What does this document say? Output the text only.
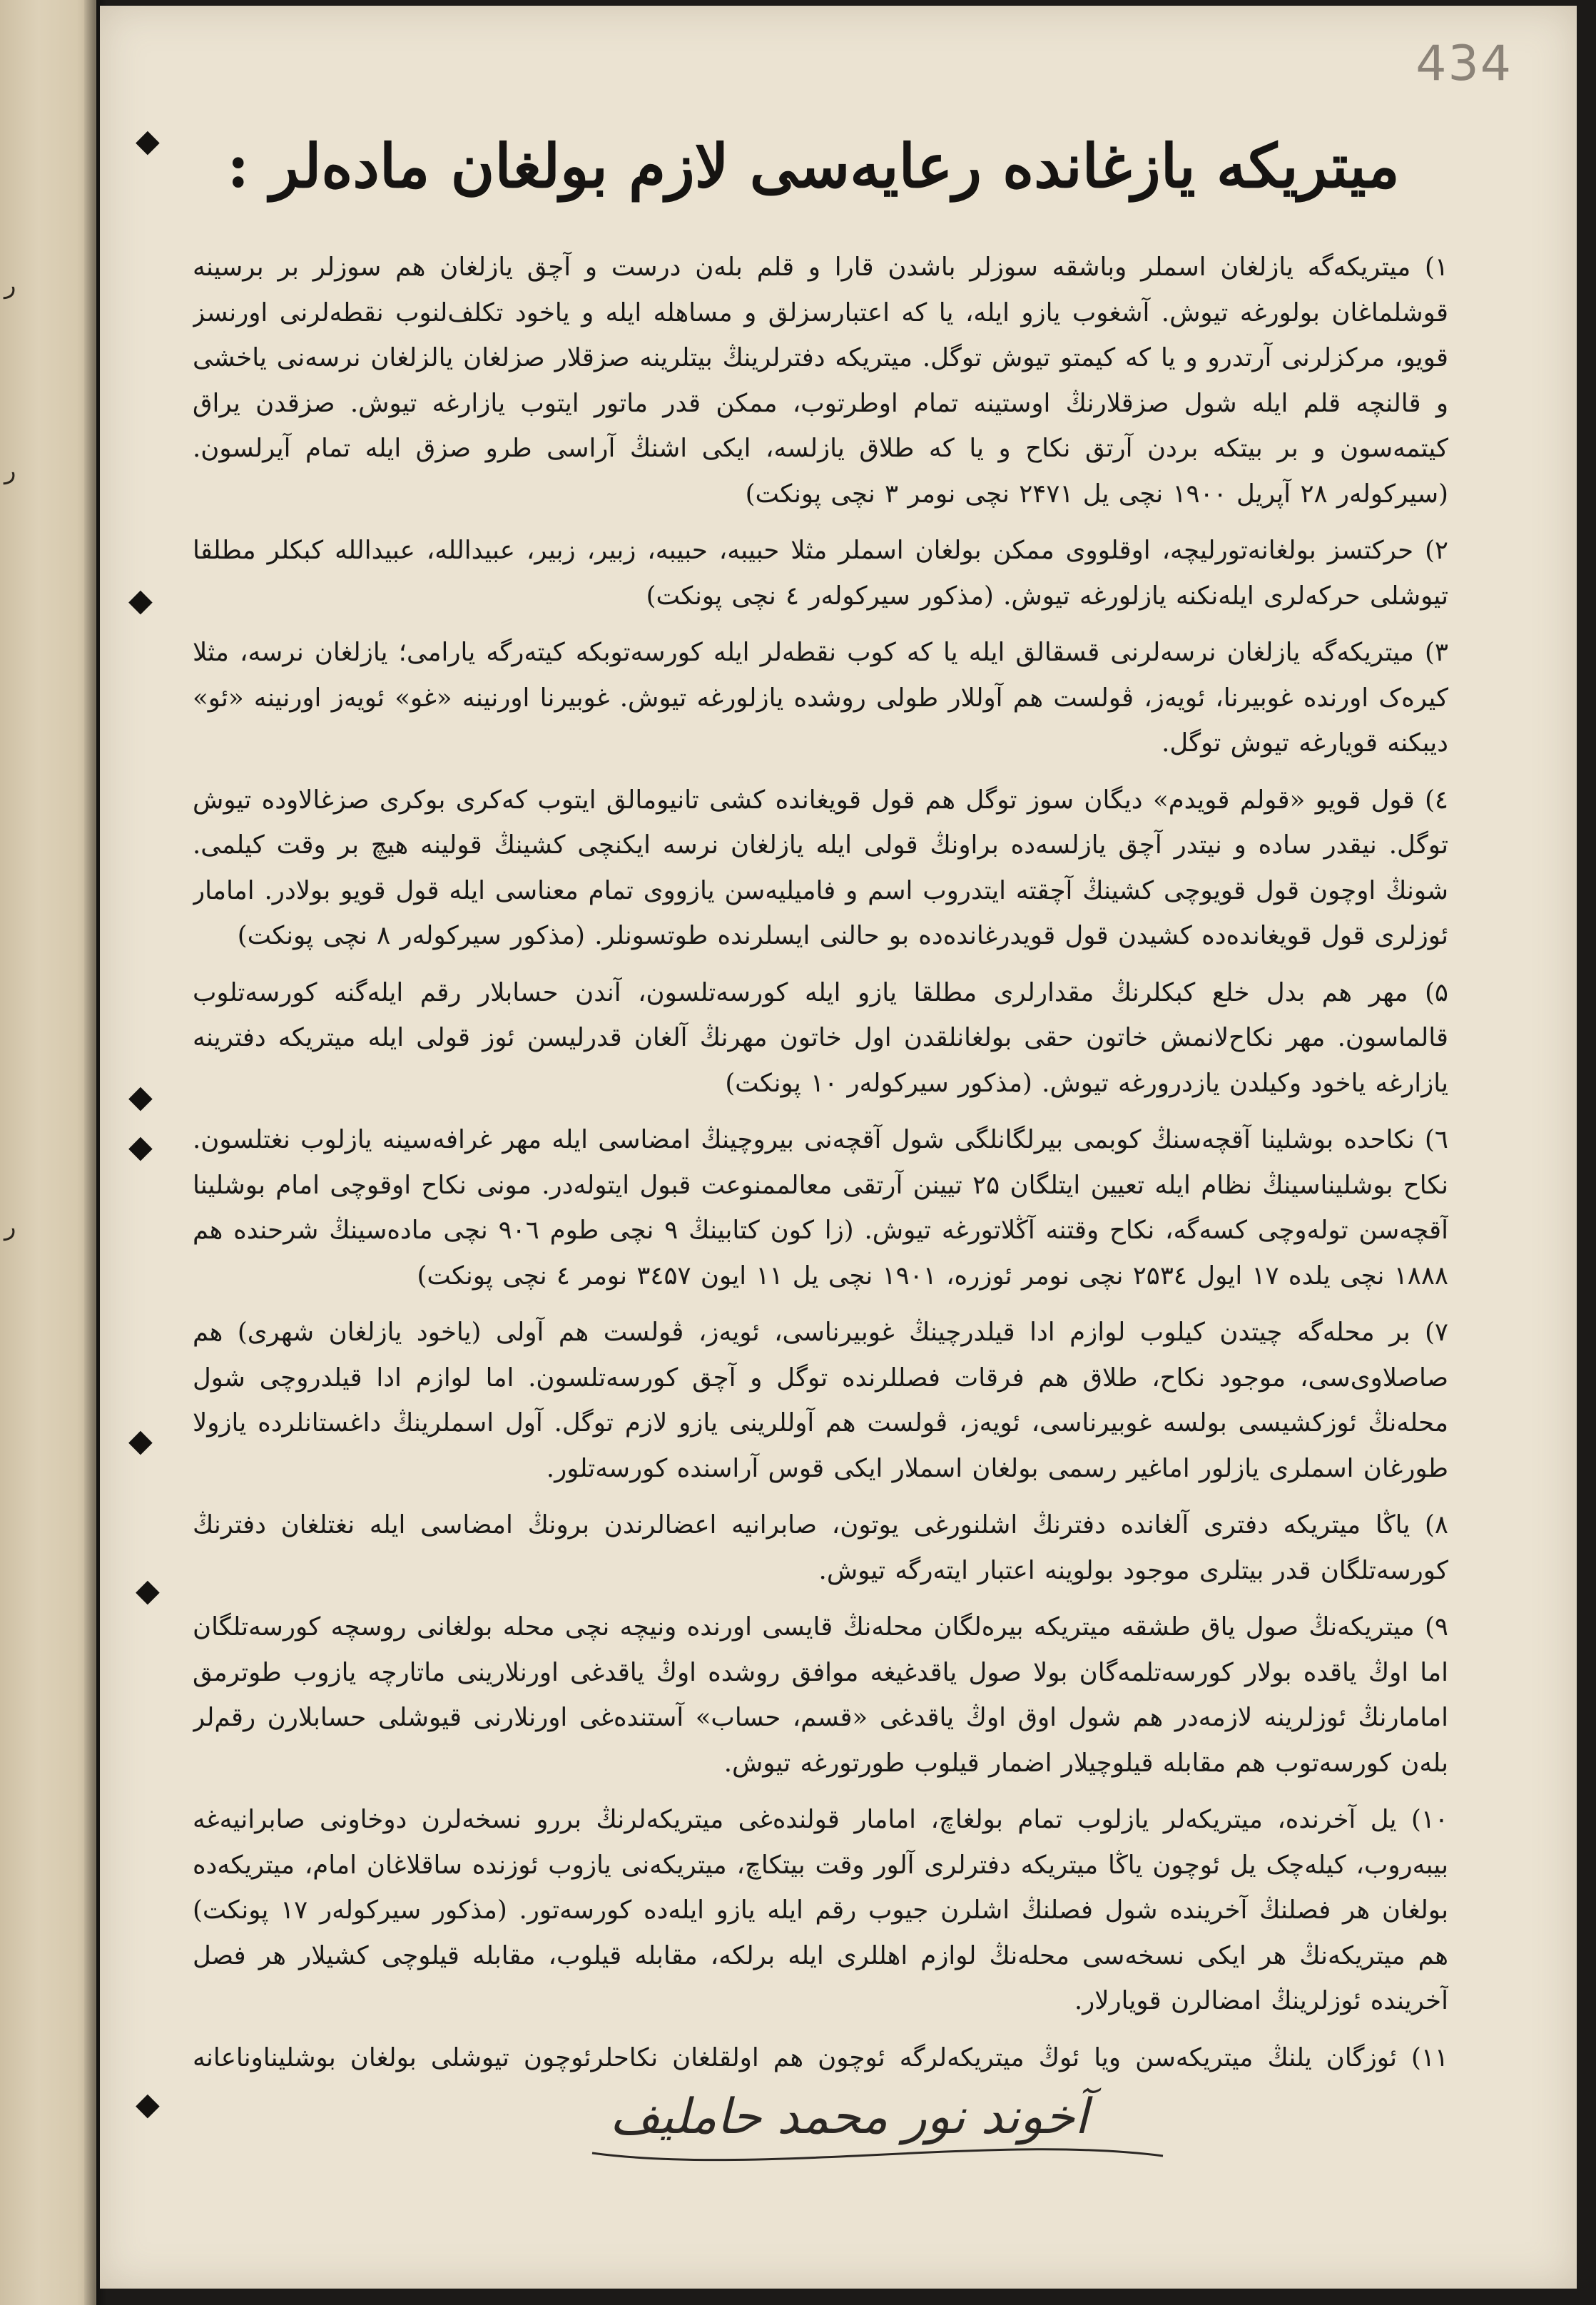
ر
ر
ر
434
◆
◆
◆
◆
◆
◆
◆
میتریکه یازغانده رعایه‌سی لازم بولغان ماده‌لر :

۱) میتریکه‌گه یازلغان اسملر وباشقه سوزلر باشدن قارا و قلم بله‌ن درست و آچق یازلغان هم سوزلر بر برسینه قوشلماغان بولورغه تیوش. آشغوب یازو ایله، یا که اعتبارسزلق و مساهله ایله و یاخود تکلف‌لنوب نقطه‌لرنی اورنسز قویو، مرکزلرنی آرتدرو و یا که کیمتو تیوش توگل. میتریکه دفترلرینڭ بیتلرینه صزقلار صزلغان یالزلغان نرسه‌نی یاخشی و قالنچه قلم ایله شول صزقلارنڭ اوستینه تمام اوطرتوب، ممکن قدر ماتور ایتوب یازارغه تیوش. صزقدن یراق کیتمه‌سون و بر بیتکه بردن آرتق نکاح و یا که طلاق یازلسه، ایکی اشنڭ آراسی طرو صزق ایله تمام آیرلسون. (سیرکولەر ۲۸ آپریل ۱۹۰۰ نچی یل ۲۴۷۱ نچی نومر ۳ نچی پونکت)

۲) حرکتسز بولغانه‌تورلیچه، اوقلووی ممکن بولغان اسملر مثلا حبیبه، حبیبه، زبیر، زبیر، عبیدالله، عبیدالله کبکلر مطلقا تیوشلی حرکه‌لری ایله‌نکنه یازلورغه تیوش. (مذکور سیرکولەر ٤ نچی پونکت)

۳) میتریکه‌گه یازلغان نرسه‌لرنی قسقالق ایله یا که کوب نقطه‌لر ایله کورسه‌توبکه کیته‌رگه یارامی؛ یازلغان نرسه، مثلا کیرەک اورنده غوبیرنا، ئویەز، ڤولست هم آوللار طولی روشده یازلورغه تیوش. غوبیرنا اورنینه «غو» ئویەز اورنینه «ئو» دیبکنه قویارغه تیوش توگل.

٤) قول قویو «قولم قویدم» دیگان سوز توگل هم قول قویغانده کشی تانیومالق ایتوب کەکری بوکری صزغالاوده تیوش توگل. نیقدر ساده و نیتدر آچق یازلسه‌ده براونڭ قولی ایله یازلغان نرسه ایکنچی کشینڭ قولینه هیچ بر وقت کیلمی. شونڭ اوچون قول قویوچی کشینڭ آچقته ایتدروب اسم و فامیلیه‌سن یازووی تمام معناسی ایله قول قویو بولادر. امامار ئوزلری قول قویغانده‌ده کشیدن قول قویدرغانده‌ده بو حالنی ایسلرنده طوتسونلر. (مذکور سیرکولەر ۸ نچی پونکت)

۵) مهر هم بدل خلع کبکلرنڭ مقدارلری مطلقا یازو ایله کورسه‌تلسون، آندن حسابلار رقم ایله‌گنه کورسه‌تلوب قالماسون. مهر نکاح‌لانمش خاتون حقی بولغانلقدن اول خاتون مهرنڭ آلغان قدرلیسن ئوز قولی ایله میتریکه دفترینه یازارغه یاخود وکیلدن یازدرورغه تیوش. (مذکور سیرکولەر ۱۰ پونکت)

٦) نکاحده بوشلینا آقچه‌سنڭ کوبمی بیرلگانلگی شول آقچه‌نی بیروچینڭ امضاسی ایله مهر غرافه‌سینه یازلوب نغتلسون. نکاح بوشلیناسینڭ نظام ایله تعیین ایتلگان ۲۵ تیینن آرتقی معالممنوعت قبول ایتوله‌در. مونی نکاح اوقوچی امام بوشلینا آقچه‌سن تولەوچی کسەگه، نکاح وقتنه آڭلاتورغه تیوش. (زا کون کتابینڭ ۹ نچی طوم ۹۰٦ نچی ماده‌سینڭ شرحنده هم ۱۸۸۸ نچی یلده ۱۷ ایول ۲۵۳٤ نچی نومر ئوزره، ۱۹۰۱ نچی یل ۱۱ ایون ۳٤۵۷ نومر ٤ نچی پونکت)

۷) بر محله‌گه چیتدن کیلوب لوازم ادا قیلدرچینڭ غوبیرناسی، ئویەز، ڤولست هم آولی (یاخود یازلغان شهری) هم صاصلاوی‌سی، موجود نکاح، طلاق هم فرقات فصللرنده توگل و آچق کورسه‌تلسون. اما لوازم ادا قیلدروچی شول محلەنڭ ئوزکشیسی بولسه غوبیرناسی، ئویەز، ڤولست هم آوللرینی یازو لازم توگل. آول اسملرینڭ داغستانلرده یازولا طورغان اسملری یازلور اماغیر رسمی بولغان اسملار ایکی قوس آراسنده کورسه‌تلور.

۸) یاڭا میتریکه دفتری آلغانده دفترنڭ اشلنورغی یوتون، صابرانیه اعضالرندن برونڭ امضاسی ایله نغتلغان دفترنڭ کورسه‌تلگان قدر بیتلری موجود بولوینه اعتبار ایته‌رگه تیوش.

۹) میتریکه‌نڭ صول یاق طشقه میتریکه بیره‌لگان محلەنڭ قایسی اورنده ونیچه نچی محله بولغانی روسچه کورسه‌تلگان اما اوڭ یاقده بولار کورسه‌تلمه‌گان بولا صول یاقدغیغه موافق روشده اوڭ یاقدغی اورنلارینی ماتارچه یازوب طوترمق امامارنڭ ئوزلرینه لازمەدر هم شول اوق اوڭ یاقدغی «قسم، حساب» آستنده‌غی اورنلارنی قیوشلی حسابلارن رقم‌لر بله‌ن کورسه‌توب هم مقابله قیلوچیلار اضمار قیلوب طورتورغه تیوش.

۱۰) یل آخرنده، میتریکه‌لر یازلوب تمام بولغاچ، امامار قولنده‌غی میتریکه‌لرنڭ بررو نسخه‌لرن دوخاونی صابرانیه‌غه بیبه‌روب، کیله‌چک یل ئوچون یاڭا میتریکه دفترلری آلور وقت بیتکاچ، میتریکه‌نی یازوب ئوزنده ساقلاغان امام، میتریکه‌ده بولغان هر فصلنڭ آخرینده شول فصلنڭ اشلرن جیوب رقم ایله یازو ایله‌ده کورسه‌تور. (مذکور سیرکولەر ۱۷ پونکت) هم میتریکه‌نڭ هر ایکی نسخه‌سی محلەنڭ لوازم اهللری ایله بر‌لکه، مقابله قیلوب، مقابله قیلوچی کشیلار هر فصل آخرینده ئوزلرینڭ امضالرن قویارلار.

۱۱) ئوزگان یلنڭ میتریکه‌سن ویا ئوڭ میتریکه‌لرگه ئوچون هم اولقلغان نکاحلرئوچون تیوشلی بولغان بوشلیناوناعانه

آخوند نور محمد حاملیف
